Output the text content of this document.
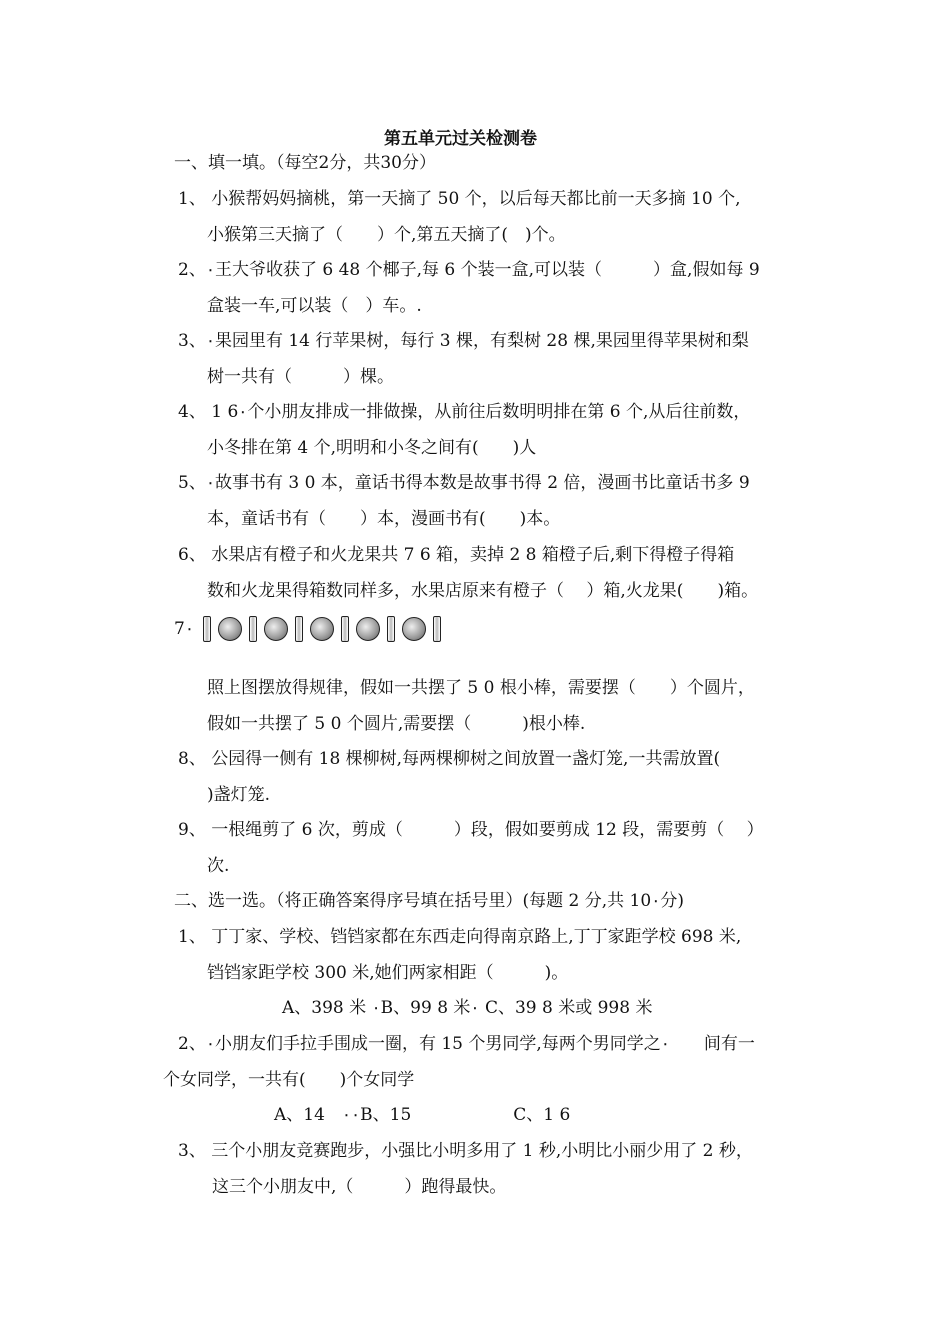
第五单元过关检测卷
一、填一填。（每空2分，共30分）
1、 小猴帮妈妈摘桃，第一天摘了 50 个，以后每天都比前一天多摘 10 个,
小猴第三天摘了（　　）个,第五天摘了(　)个。
2、۰王大爷收获了 6 48 个椰子,每 6 个装一盒,可以装（　　　）盒,假如每 9
盒装一车,可以装（　）车。.
3、۰果园里有 14 行苹果树，每行 3 棵，有梨树 28 棵,果园里得苹果树和梨
树一共有（　　　）棵。
4、 1 6۰个小朋友排成一排做操，从前往后数明明排在第 6 个,从后往前数，
小冬排在第 4 个,明明和小冬之间有(　　)人
5、۰故事书有 3 0 本，童话书得本数是故事书得 2 倍，漫画书比童话书多 9
本，童话书有（　　）本，漫画书有(　　)本。
6、 水果店有橙子和火龙果共 7 6 箱，卖掉 2 8 箱橙子后,剩下得橙子得箱
数和火龙果得箱数同样多，水果店原来有橙子（　 ）箱,火龙果(　　)箱。
7۰
照上图摆放得规律，假如一共摆了 5 0 根小棒，需要摆（　　）个圆片，
假如一共摆了 5 0 个圆片,需要摆（　　　)根小棒.
8、 公园得一侧有 18 棵柳树,每两棵柳树之间放置一盏灯笼,一共需放置(
)盏灯笼.
9、 一根绳剪了 6 次，剪成（　　　）段，假如要剪成 12 段，需要剪（　 ）
次.
二、选一选。（将正确答案得序号填在括号里）(每题 2 分,共 10۰分)
1、 丁丁家、学校、铛铛家都在东西走向得南京路上,丁丁家距学校 698 米,
铛铛家距学校 300 米,她们两家相距（　　　)。
A、398 米 ۰B、99 8 米۰ C、39 8 米或 998 米
2、۰小朋友们手拉手围成一圈，有 15 个男同学,每两个男同学之۰　　间有一
个女同学，一共有(　　)个女同学
A、14　۰۰B、15　　　　　　C、1 6
3、 三个小朋友竞赛跑步，小强比小明多用了 1 秒,小明比小丽少用了 2 秒，
这三个小朋友中,（　　　）跑得最快。
